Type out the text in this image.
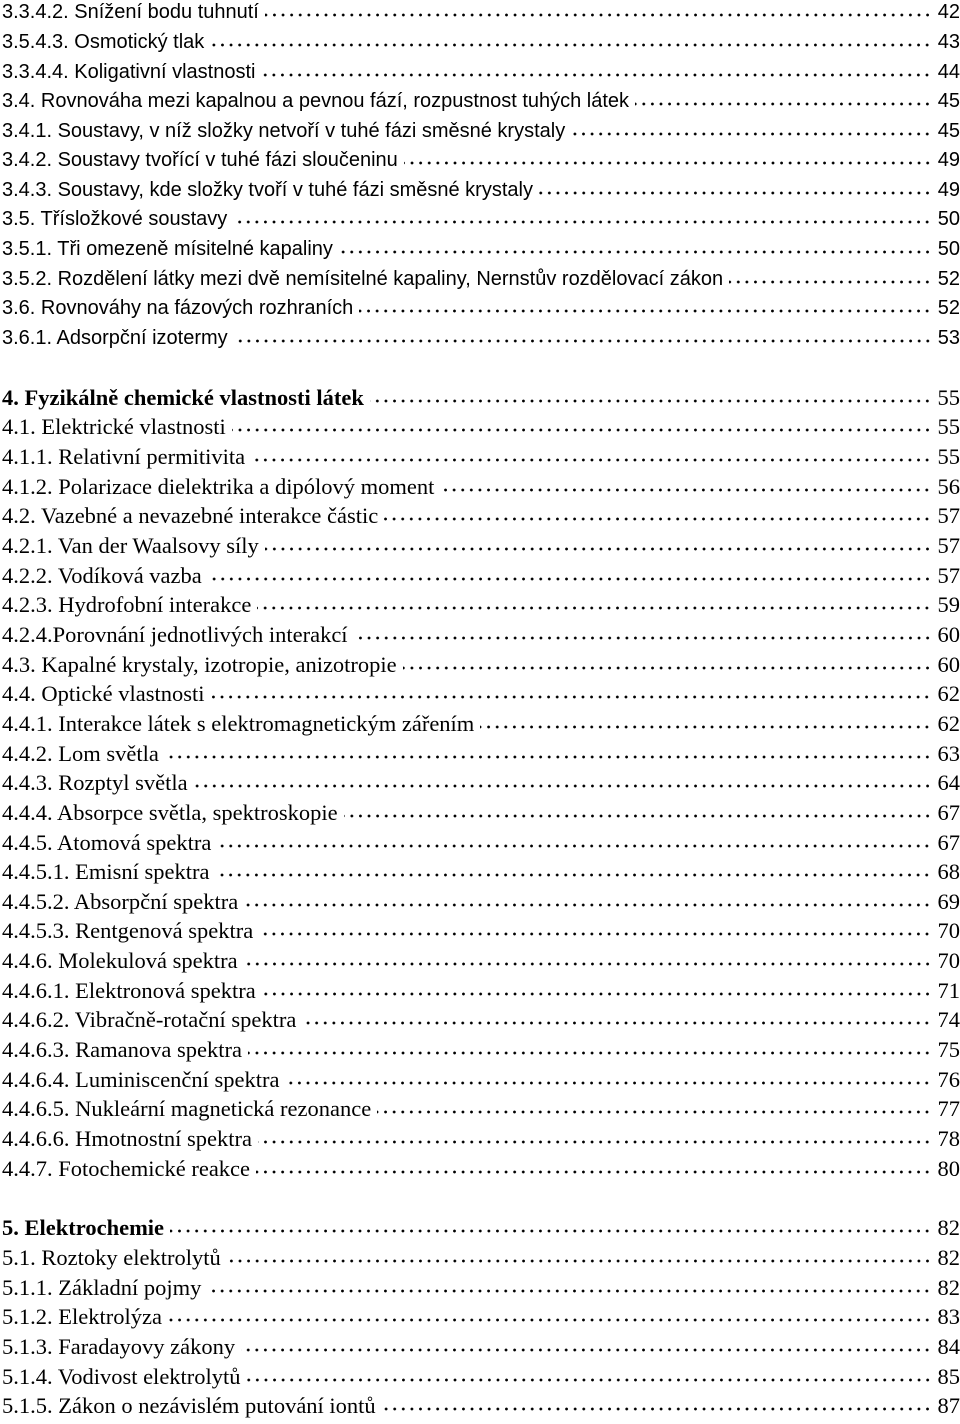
3.3.4.2. Snížení bodu tuhnutí	42
3.5.4.3. Osmotický tlak	43
3.3.4.4. Koligativní vlastnosti	44
3.4. Rovnováha mezi kapalnou a pevnou fází, rozpustnost tuhých látek	45
3.4.1. Soustavy, v níž složky netvoří v tuhé fázi směsné krystaly	45
3.4.2. Soustavy tvořící v tuhé fázi sloučeninu	49
3.4.3. Soustavy, kde složky tvoří v tuhé fázi směsné krystaly	49
3.5. Třísložkové soustavy	50
3.5.1. Tři omezeně mísitelné kapaliny	50
3.5.2. Rozdělení látky mezi dvě nemísitelné kapaliny, Nernstův rozdělovací zákon	52
3.6. Rovnováhy na fázových rozhraních	52
3.6.1. Adsorpční izotermy	53
4. Fyzikálně chemické vlastnosti látek	55
4.1. Elektrické vlastnosti	55
4.1.1. Relativní permitivita	55
4.1.2. Polarizace dielektrika a dipólový moment	56
4.2. Vazebné a nevazebné interakce částic	57
4.2.1. Van der Waalsovy síly	57
4.2.2. Vodíková vazba	57
4.2.3. Hydrofobní interakce	59
4.2.4.Porovnání jednotlivých interakcí	60
4.3. Kapalné krystaly, izotropie, anizotropie	60
4.4. Optické vlastnosti	62
4.4.1. Interakce látek s elektromagnetickým zářením	62
4.4.2. Lom světla	63
4.4.3. Rozptyl světla	64
4.4.4. Absorpce světla, spektroskopie	67
4.4.5. Atomová spektra	67
4.4.5.1. Emisní spektra	68
4.4.5.2. Absorpční spektra	69
4.4.5.3. Rentgenová spektra	70
4.4.6. Molekulová spektra	70
4.4.6.1. Elektronová spektra	71
4.4.6.2. Vibračně-rotační spektra	74
4.4.6.3. Ramanova spektra	75
4.4.6.4. Luminiscenční spektra	76
4.4.6.5. Nukleární magnetická rezonance	77
4.4.6.6. Hmotnostní spektra	78
4.4.7. Fotochemické reakce	80
5. Elektrochemie	82
5.1. Roztoky elektrolytů	82
5.1.1. Základní pojmy	82
5.1.2. Elektrolýza	83
5.1.3. Faradayovy zákony	84
5.1.4. Vodivost elektrolytů	85
5.1.5. Zákon o nezávislém putování iontů	87
